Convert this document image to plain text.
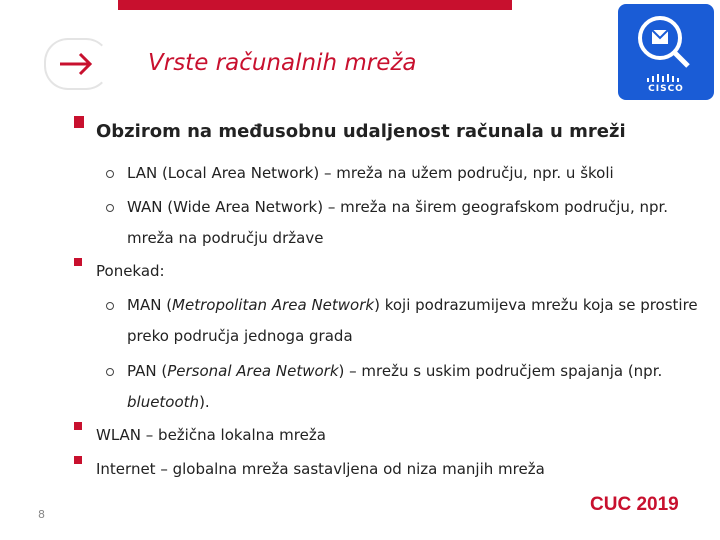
Vrste računalnih mreža
CISCO
Obzirom na međusobnu udaljenost računala u mreži
LAN (Local Area Network) – mreža na užem području, npr. u školi
WAN (Wide Area Network) – mreža na širem geografskom području, npr.
mreža na području države
Ponekad:
MAN (Metropolitan Area Network) koji podrazumijeva mrežu koja se prostire
preko područja jednoga grada
PAN (Personal Area Network) – mrežu s uskim područjem spajanja (npr.
bluetooth).
WLAN – bežična lokalna mreža
Internet – globalna mreža sastavljena od niza manjih mreža
8	CUC 2019
